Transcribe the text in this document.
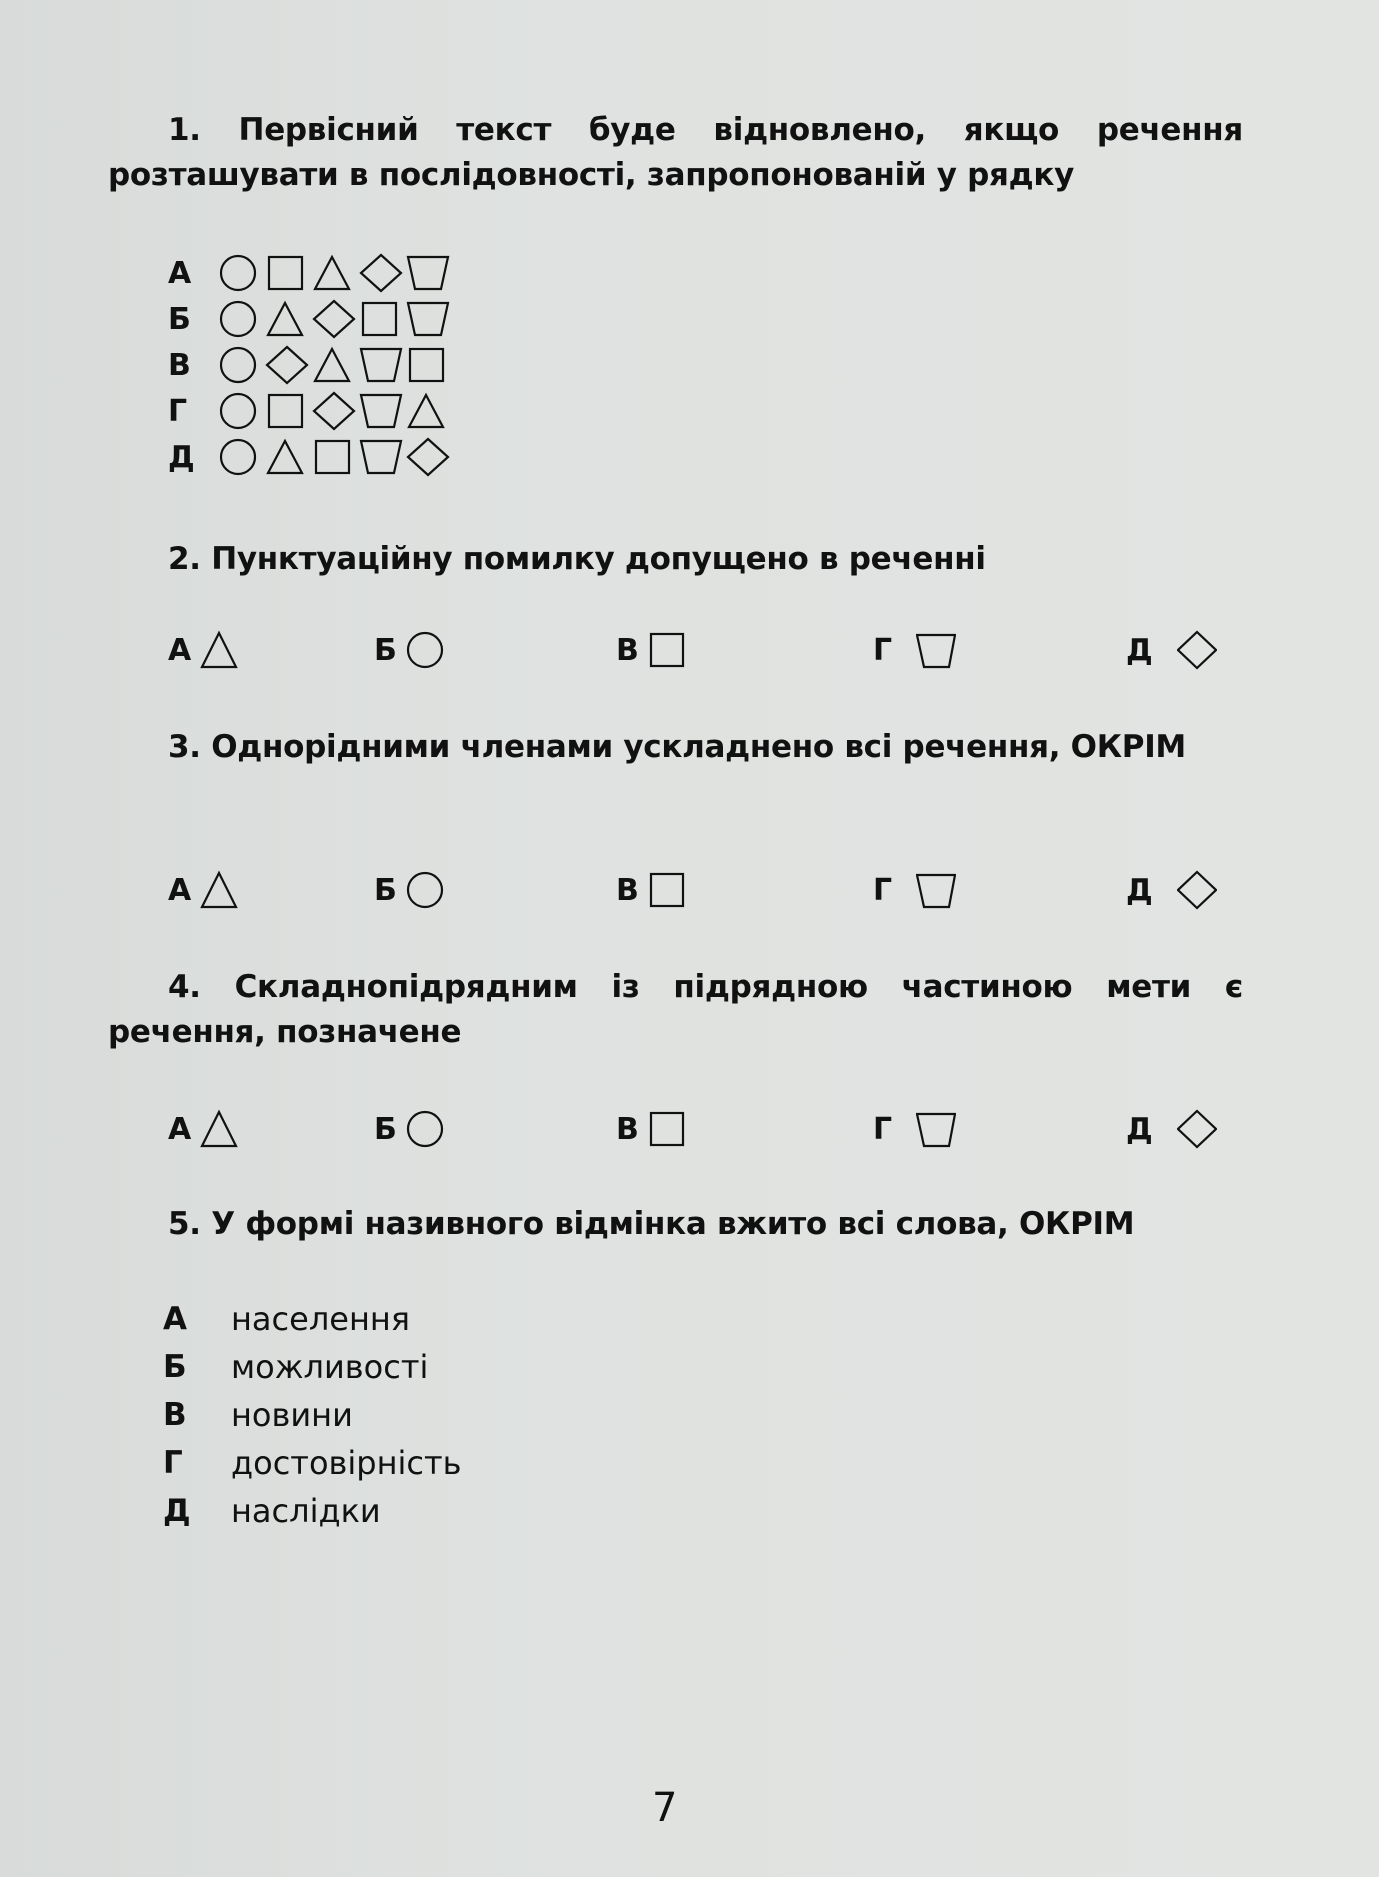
1. Первісний текст буде відновлено, якщо речення розташувати в послідовності, запропонованій у рядку
А
Б
В
Г
Д
2. Пунктуаційну помилку допущено в реченні
А	Б	В	Г	Д
3. Однорідними членами ускладнено всі речення, ОКРІМ
А	Б	В	Г	Д
4. Складнопідрядним із підрядною частиною мети є речення, позначене
А	Б	В	Г	Д
5. У формі називного відмінка вжито всі слова, ОКРІМ
А	населення
Б	можливості
В	новини
Г	достовірність
Д	наслідки
7
